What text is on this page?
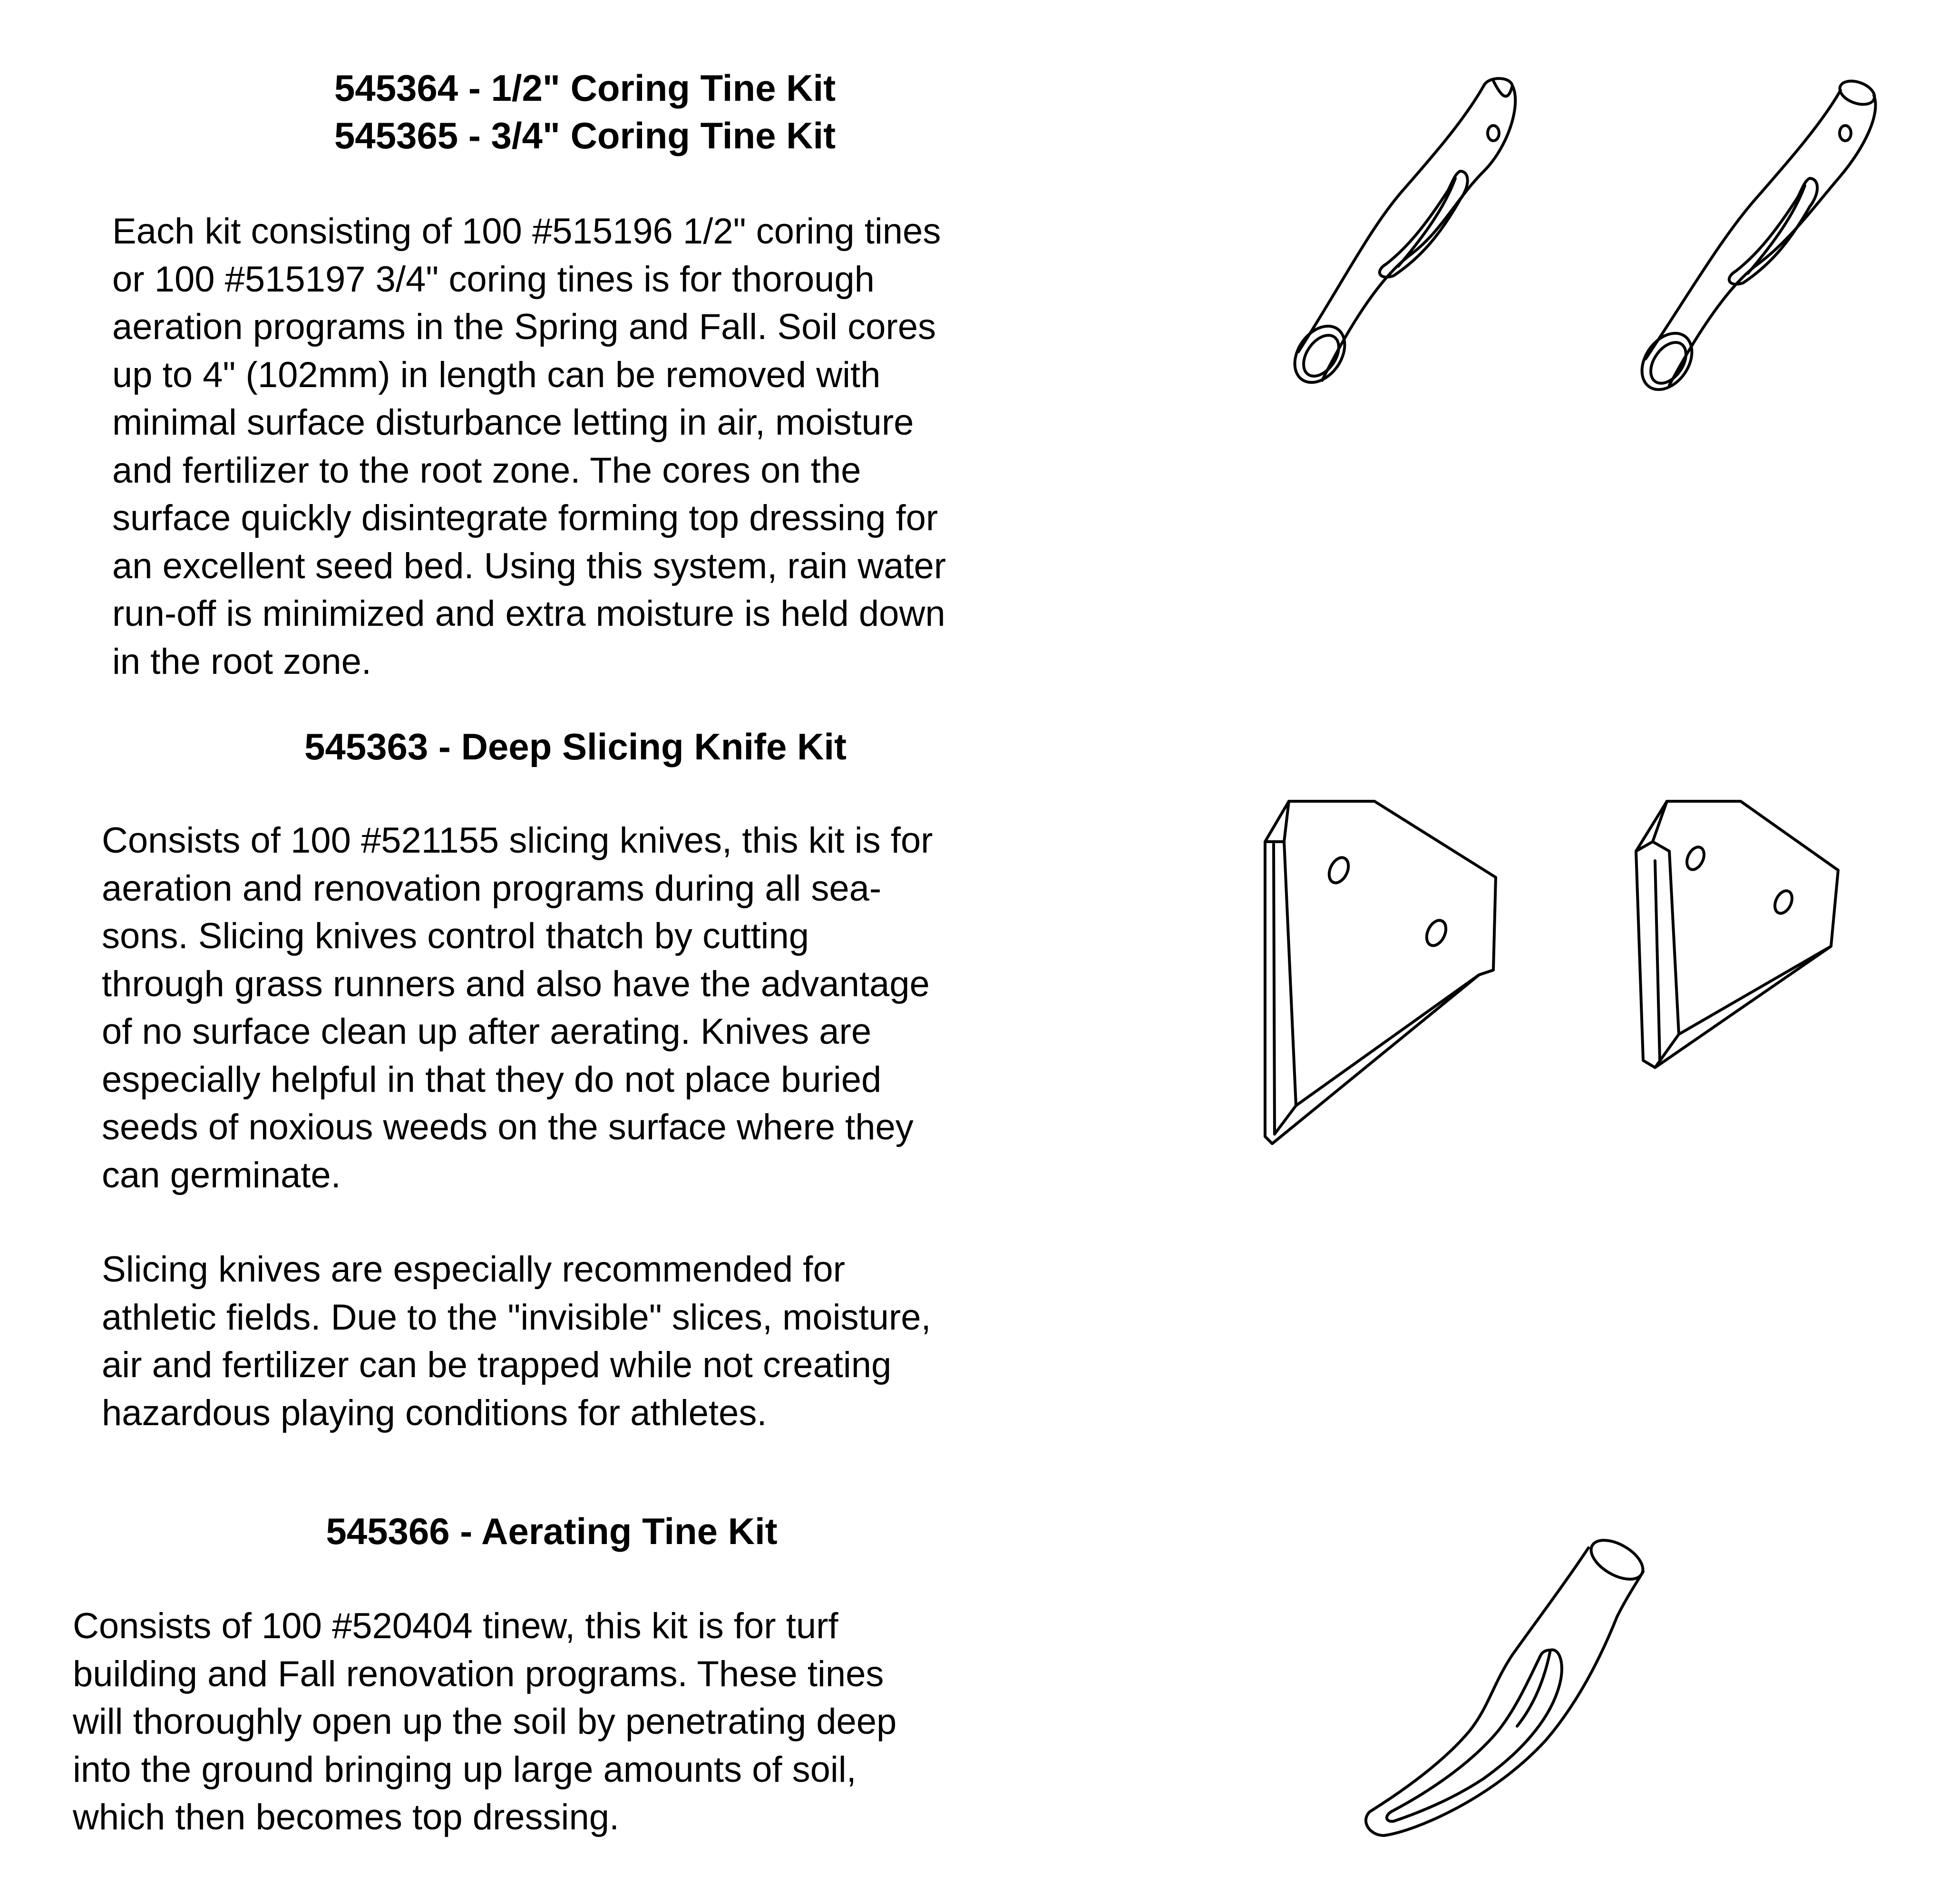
545364 - 1/2" Coring Tine Kit
545365 - 3/4" Coring Tine Kit

Each kit consisting of 100 #515196 1/2" coring tines
or 100 #515197 3/4" coring tines is for thorough
aeration programs in the Spring and Fall. Soil cores
up to 4" (102mm) in length can be removed with
minimal surface disturbance letting in air, moisture
and fertilizer to the root zone. The cores on the
surface quickly disintegrate forming top dressing for
an excellent seed bed. Using this system, rain water
run-off is minimized and extra moisture is held down
in the root zone.

545363 - Deep Slicing Knife Kit

Consists of 100 #521155 slicing knives, this kit is for
aeration and renovation programs during all sea-
sons. Slicing knives control thatch by cutting
through grass runners and also have the advantage
of no surface clean up after aerating. Knives are
especially helpful in that they do not place buried
seeds of noxious weeds on the surface where they
can germinate.

Slicing knives are especially recommended for
athletic fields. Due to the "invisible" slices, moisture,
air and fertilizer can be trapped while not creating
hazardous playing conditions for athletes.

545366 - Aerating Tine Kit

Consists of 100 #520404 tinew, this kit is for turf
building and Fall renovation programs. These tines
will thoroughly open up the soil by penetrating deep
into the ground bringing up large amounts of soil,
which then becomes top dressing.
